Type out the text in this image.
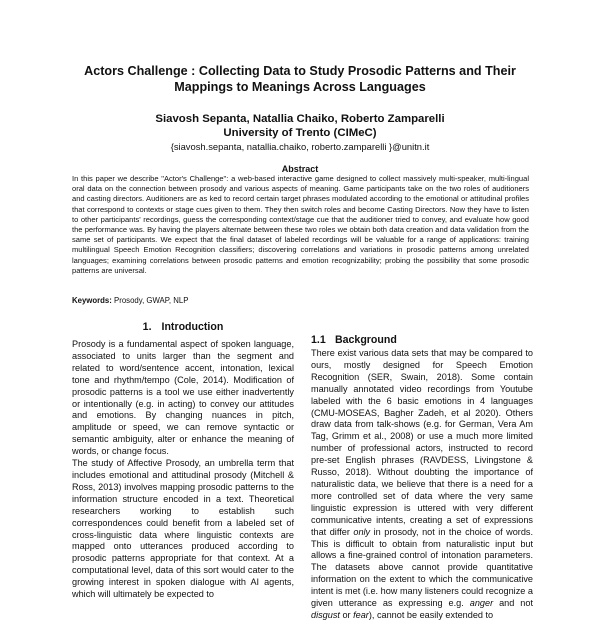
Actors Challenge : Collecting Data to Study Prosodic Patterns and Their
Mappings to Meanings Across Languages
Siavosh Sepanta, Natallia Chaiko, Roberto Zamparelli
University of Trento (CIMeC)
{siavosh.sepanta, natallia.chaiko, roberto.zamparelli }@unitn.it
Abstract
In this paper we describe "Actor's Challenge": a web-based interactive game designed to collect massively multi-speaker, multi-lingual oral data on the connection between prosody and various aspects of meaning. Game participants take on the two roles of auditioners and casting directors. Auditioners are as ked to record certain target phrases modulated according to the emotional or attitudinal profiles that correspond to contexts or stage cues given to them. They then switch roles and become Casting Directors. Now they have to listen to other participants' recordings, guess the corresponding context/stage cue that the auditioner tried to convey, and evaluate how good the performance was. By having the players alternate between these two roles we obtain both data creation and data validation from the same set of participants. We expect that the final dataset of labeled recordings will be valuable for a range of applications: training multilingual Speech Emotion Recognition classifiers; discovering correlations and variations in prosodic patterns among unrelated languages; examining correlations between prosodic patterns and emotion recognizability; probing the possibility that some prosodic patterns are universal.
Keywords: Prosody, GWAP, NLP
1. Introduction

Prosody is a fundamental aspect of spoken language, associated to units larger than the segment and related to word/sentence accent, intonation, lexical tone and rhythm/tempo (Cole, 2014). Modification of prosodic patterns is a tool we use either inadvertently or intentionally (e.g. in acting) to convey our attitudes and emotions. By changing nuances in pitch, amplitude or speed, we can remove syntactic or semantic ambiguity, alter or enhance the meaning of words, or change focus.

The study of Affective Prosody, an umbrella term that includes emotional and attitudinal prosody (Mitchell & Ross, 2013) involves mapping prosodic patterns to the information structure encoded in a text. Theoretical researchers working to establish such correspondences could benefit from a labeled set of cross-linguistic data where linguistic contexts are mapped onto utterances produced according to prosodic patterns appropriate for that context. At a computational level, data of this sort would cater to the growing interest in spoken dialogue with AI agents, which will ultimately be expected to

1.1 Background

There exist various data sets that may be compared to ours, mostly designed for Speech Emotion Recognition (SER, Swain, 2018). Some contain manually annotated video recordings from Youtube labeled with the 6 basic emotions in 4 languages (CMU-MOSEAS, Bagher Zadeh, et al 2020). Others draw data from talk-shows (e.g. for German, Vera Am Tag, Grimm et al., 2008) or use a much more limited number of professional actors, instructed to record pre-set English phrases (RAVDESS, Livingstone & Russo, 2018). Without doubting the importance of naturalistic data, we believe that there is a need for a more controlled set of data where the very same linguistic expression is uttered with very different communicative intents, creating a set of expressions that differ only in prosody, not in the choice of words. This is difficult to obtain from naturalistic input but allows a fine-grained control of intonation parameters. The datasets above cannot provide quantitative information on the extent to which the communicative intent is met (i.e. how many listeners could recognize a given utterance as expressing e.g. anger and not disgust or fear), cannot be easily extended to
